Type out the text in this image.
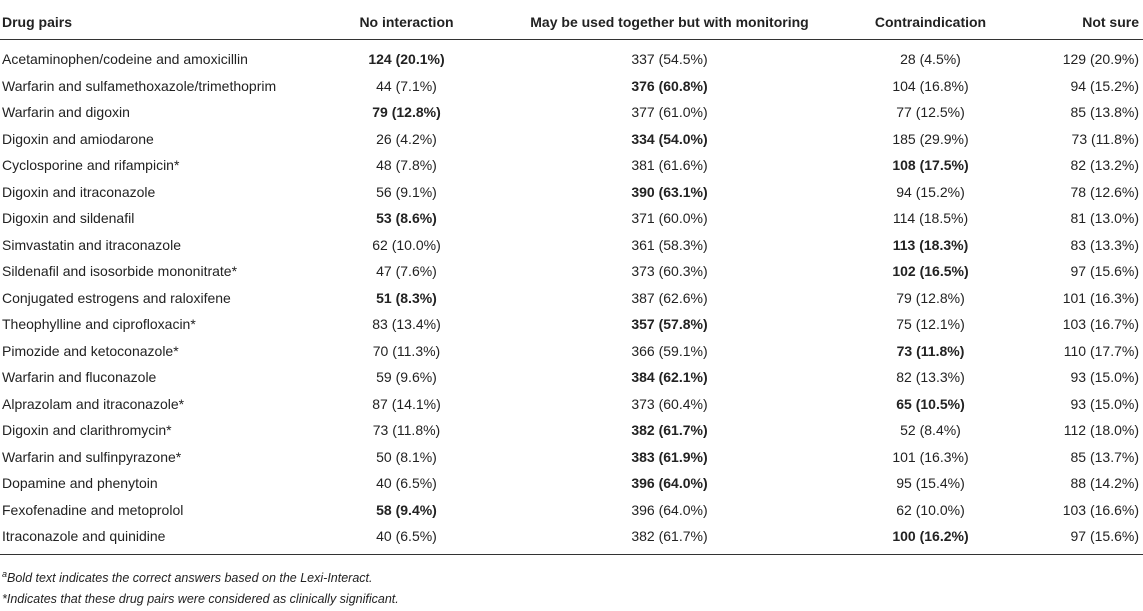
Drug pairs	No interaction	May be used together but with monitoring	Contraindication	Not sure
Acetaminophen/codeine and amoxicillin	124 (20.1%)	337 (54.5%)	28 (4.5%)	129 (20.9%)
Warfarin and sulfamethoxazole/trimethoprim	44 (7.1%)	376 (60.8%)	104 (16.8%)	94 (15.2%)
Warfarin and digoxin	79 (12.8%)	377 (61.0%)	77 (12.5%)	85 (13.8%)
Digoxin and amiodarone	26 (4.2%)	334 (54.0%)	185 (29.9%)	73 (11.8%)
Cyclosporine and rifampicin*	48 (7.8%)	381 (61.6%)	108 (17.5%)	82 (13.2%)
Digoxin and itraconazole	56 (9.1%)	390 (63.1%)	94 (15.2%)	78 (12.6%)
Digoxin and sildenafil	53 (8.6%)	371 (60.0%)	114 (18.5%)	81 (13.0%)
Simvastatin and itraconazole	62 (10.0%)	361 (58.3%)	113 (18.3%)	83 (13.3%)
Sildenafil and isosorbide mononitrate*	47 (7.6%)	373 (60.3%)	102 (16.5%)	97 (15.6%)
Conjugated estrogens and raloxifene	51 (8.3%)	387 (62.6%)	79 (12.8%)	101 (16.3%)
Theophylline and ciprofloxacin*	83 (13.4%)	357 (57.8%)	75 (12.1%)	103 (16.7%)
Pimozide and ketoconazole*	70 (11.3%)	366 (59.1%)	73 (11.8%)	110 (17.7%)
Warfarin and fluconazole	59 (9.6%)	384 (62.1%)	82 (13.3%)	93 (15.0%)
Alprazolam and itraconazole*	87 (14.1%)	373 (60.4%)	65 (10.5%)	93 (15.0%)
Digoxin and clarithromycin*	73 (11.8%)	382 (61.7%)	52 (8.4%)	112 (18.0%)
Warfarin and sulfinpyrazone*	50 (8.1%)	383 (61.9%)	101 (16.3%)	85 (13.7%)
Dopamine and phenytoin	40 (6.5%)	396 (64.0%)	95 (15.4%)	88 (14.2%)
Fexofenadine and metoprolol	58 (9.4%)	396 (64.0%)	62 (10.0%)	103 (16.6%)
Itraconazole and quinidine	40 (6.5%)	382 (61.7%)	100 (16.2%)	97 (15.6%)
$^a$Bold text indicates the correct answers based on the Lexi-Interact.
*Indicates that these drug pairs were considered as clinically significant.
